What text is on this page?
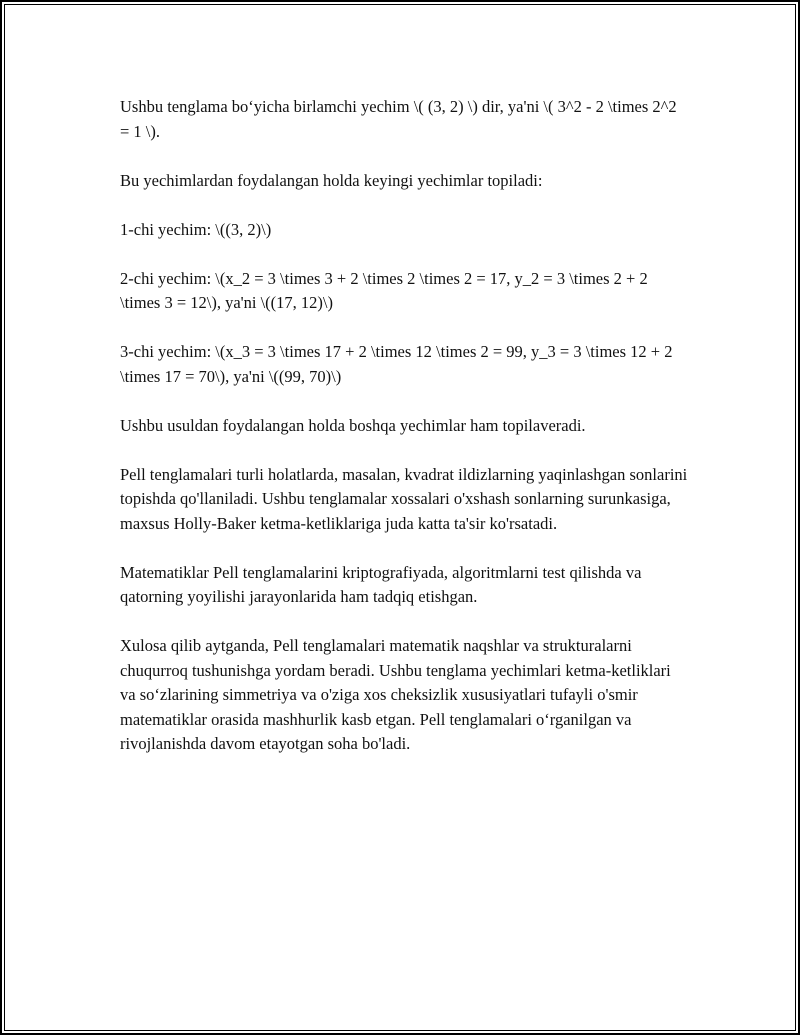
Ushbu tenglama bo‘yicha birlamchi yechim \( (3, 2) \) dir, ya'ni \( 3^2 - 2 \times 2^2 = 1 \).

Bu yechimlardan foydalangan holda keyingi yechimlar topiladi:

1-chi yechim: \((3, 2)\)

2-chi yechim: \(x_2 = 3 \times 3 + 2 \times 2 \times 2 = 17, y_2 = 3 \times 2 + 2 \times 3 = 12\), ya'ni \((17, 12)\)

3-chi yechim: \(x_3 = 3 \times 17 + 2 \times 12 \times 2 = 99, y_3 = 3 \times 12 + 2 \times 17 = 70\), ya'ni \((99, 70)\)

Ushbu usuldan foydalangan holda boshqa yechimlar ham topilaveradi.

Pell tenglamalari turli holatlarda, masalan, kvadrat ildizlarning yaqinlashgan sonlarini topishda qo'llaniladi. Ushbu tenglamalar xossalari o'xshash sonlarning surunkasiga, maxsus Holly-Baker ketma-ketliklariga juda katta ta'sir ko'rsatadi.

Matematiklar Pell tenglamalarini kriptografiyada, algoritmlarni test qilishda va qatorning yoyilishi jarayonlarida ham tadqiq etishgan.

Xulosa qilib aytganda, Pell tenglamalari matematik naqshlar va strukturalarni chuqurroq tushunishga yordam beradi. Ushbu tenglama yechimlari ketma-ketliklari va so‘zlarining simmetriya va o'ziga xos cheksizlik xususiyatlari tufayli o'smir matematiklar orasida mashhurlik kasb etgan. Pell tenglamalari o‘rganilgan va rivojlanishda davom etayotgan soha bo'ladi.
